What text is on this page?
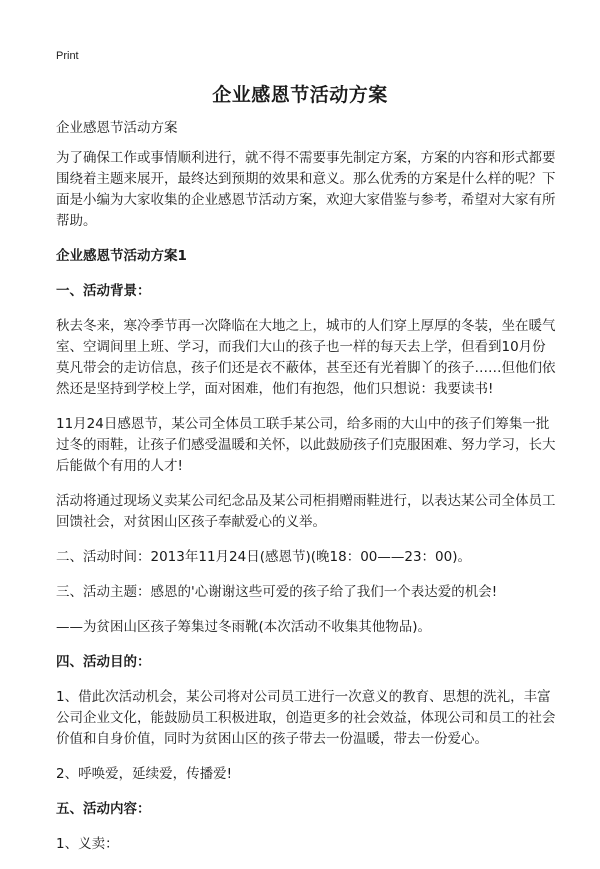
Print
企业感恩节活动方案

企业感恩节活动方案

为了确保工作或事情顺利进行，就不得不需要事先制定方案，方案的内容和形式都要围绕着主题来展开，最终达到预期的效果和意义。那么优秀的方案是什么样的呢？下面是小编为大家收集的企业感恩节活动方案，欢迎大家借鉴与参考，希望对大家有所帮助。

企业感恩节活动方案1

一、活动背景：

秋去冬来，寒冷季节再一次降临在大地之上，城市的人们穿上厚厚的冬装，坐在暖气室、空调间里上班、学习，而我们大山的孩子也一样的每天去上学，但看到10月份莫凡带会的走访信息，孩子们还是衣不蔽体，甚至还有光着脚丫的孩子……但他们依然还是坚持到学校上学，面对困难，他们有抱怨，他们只想说：我要读书!

11月24日感恩节，某公司全体员工联手某公司，给多雨的大山中的孩子们筹集一批过冬的雨鞋，让孩子们感受温暖和关怀，以此鼓励孩子们克服困难、努力学习，长大后能做个有用的人才!

活动将通过现场义卖某公司纪念品及某公司柜捐赠雨鞋进行，以表达某公司全体员工回馈社会，对贫困山区孩子奉献爱心的义举。

二、活动时间：2013年11月24日(感恩节)(晚18：00——23：00)。

三、活动主题：感恩的'心谢谢这些可爱的孩子给了我们一个表达爱的机会!

——为贫困山区孩子筹集过冬雨靴(本次活动不收集其他物品)。

四、活动目的：

1、借此次活动机会，某公司将对公司员工进行一次意义的教育、思想的洗礼，丰富公司企业文化，能鼓励员工积极进取，创造更多的社会效益，体现公司和员工的社会价值和自身价值，同时为贫困山区的孩子带去一份温暖，带去一份爱心。

2、呼唤爱，延续爱，传播爱!

五、活动内容：

1、义卖：
